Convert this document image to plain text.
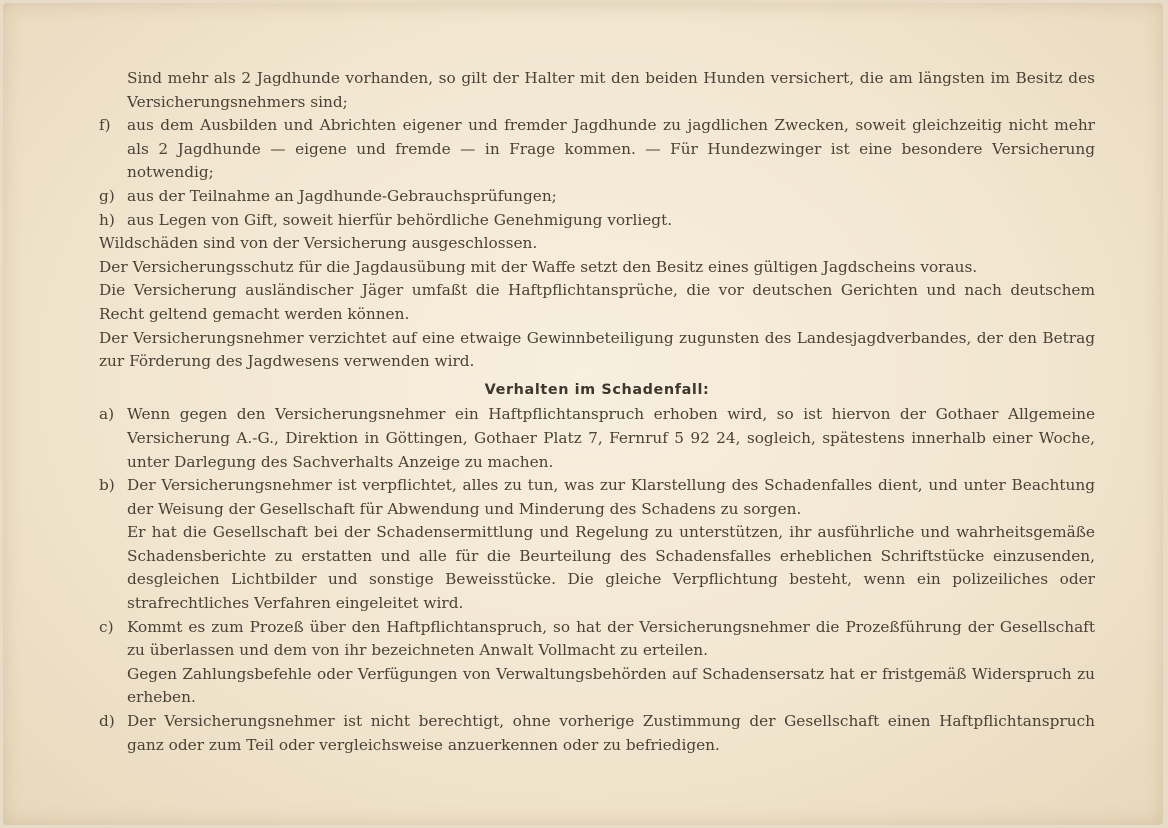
Sind mehr als 2 Jagdhunde vorhanden, so gilt der Halter mit den beiden Hunden versichert, die am längsten im Besitz des Versicherungsnehmers sind;

f) aus dem Ausbilden und Abrichten eigener und fremder Jagdhunde zu jagdlichen Zwecken, soweit gleichzeitig nicht mehr als 2 Jagdhunde — eigene und fremde — in Frage kommen. — Für Hundezwinger ist eine besondere Versicherung notwendig;
g) aus der Teilnahme an Jagdhunde-Gebrauchsprüfungen;
h) aus Legen von Gift, soweit hierfür behördliche Genehmigung vorliegt.

Wildschäden sind von der Versicherung ausgeschlossen.

Der Versicherungsschutz für die Jagdausübung mit der Waffe setzt den Besitz eines gültigen Jagdscheins voraus.

Die Versicherung ausländischer Jäger umfaßt die Haftpflichtansprüche, die vor deutschen Gerichten und nach deutschem Recht geltend gemacht werden können.

Der Versicherungsnehmer verzichtet auf eine etwaige Gewinnbeteiligung zugunsten des Landesjagdverbandes, der den Betrag zur Förderung des Jagdwesens verwenden wird.

Verhalten im Schadenfall:
a) Wenn gegen den Versicherungsnehmer ein Haftpflichtanspruch erhoben wird, so ist hiervon der Gothaer Allgemeine Versicherung A.-G., Direktion in Göttingen, Gothaer Platz 7, Fernruf 5 92 24, sogleich, spätestens innerhalb einer Woche, unter Darlegung des Sachverhalts Anzeige zu machen.
b) Der Versicherungsnehmer ist verpflichtet, alles zu tun, was zur Klarstellung des Schadenfalles dient, und unter Beachtung der Weisung der Gesellschaft für Abwendung und Minderung des Schadens zu sorgen.
Er hat die Gesellschaft bei der Schadensermittlung und Regelung zu unterstützen, ihr ausführliche und wahrheitsgemäße Schadensberichte zu erstatten und alle für die Beurteilung des Schadensfalles erheblichen Schriftstücke einzusenden, desgleichen Lichtbilder und sonstige Beweisstücke. Die gleiche Verpflichtung besteht, wenn ein polizeiliches oder strafrechtliches Verfahren eingeleitet wird.
c) Kommt es zum Prozeß über den Haftpflichtanspruch, so hat der Versicherungsnehmer die Prozeßführung der Gesellschaft zu überlassen und dem von ihr bezeichneten Anwalt Vollmacht zu erteilen.
Gegen Zahlungsbefehle oder Verfügungen von Verwaltungsbehörden auf Schadensersatz hat er fristgemäß Widerspruch zu erheben.
d) Der Versicherungsnehmer ist nicht berechtigt, ohne vorherige Zustimmung der Gesellschaft einen Haftpflichtanspruch ganz oder zum Teil oder vergleichsweise anzuerkennen oder zu befriedigen.
